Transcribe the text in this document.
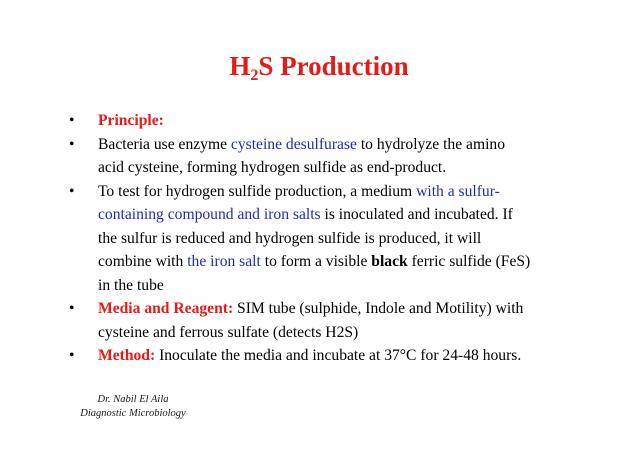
$H_2S$ Production
• Principle:
• Bacteria use enzyme cysteine desulfurase to hydrolyze the amino
acid cysteine, forming hydrogen sulfide as end-product.
• To test for hydrogen sulfide production, a medium with a sulfur-
containing compound and iron salts is inoculated and incubated. If
the sulfur is reduced and hydrogen sulfide is produced, it will
combine with the iron salt to form a visible black ferric sulfide (FeS)
in the tube
• Media and Reagent: SIM tube (sulphide, Indole and Motility) with
cysteine and ferrous sulfate (detects H2S)
• Method: Inoculate the media and incubate at 37°C for 24-48 hours.
Dr. Nabil El Aila
Diagnostic Microbiology
